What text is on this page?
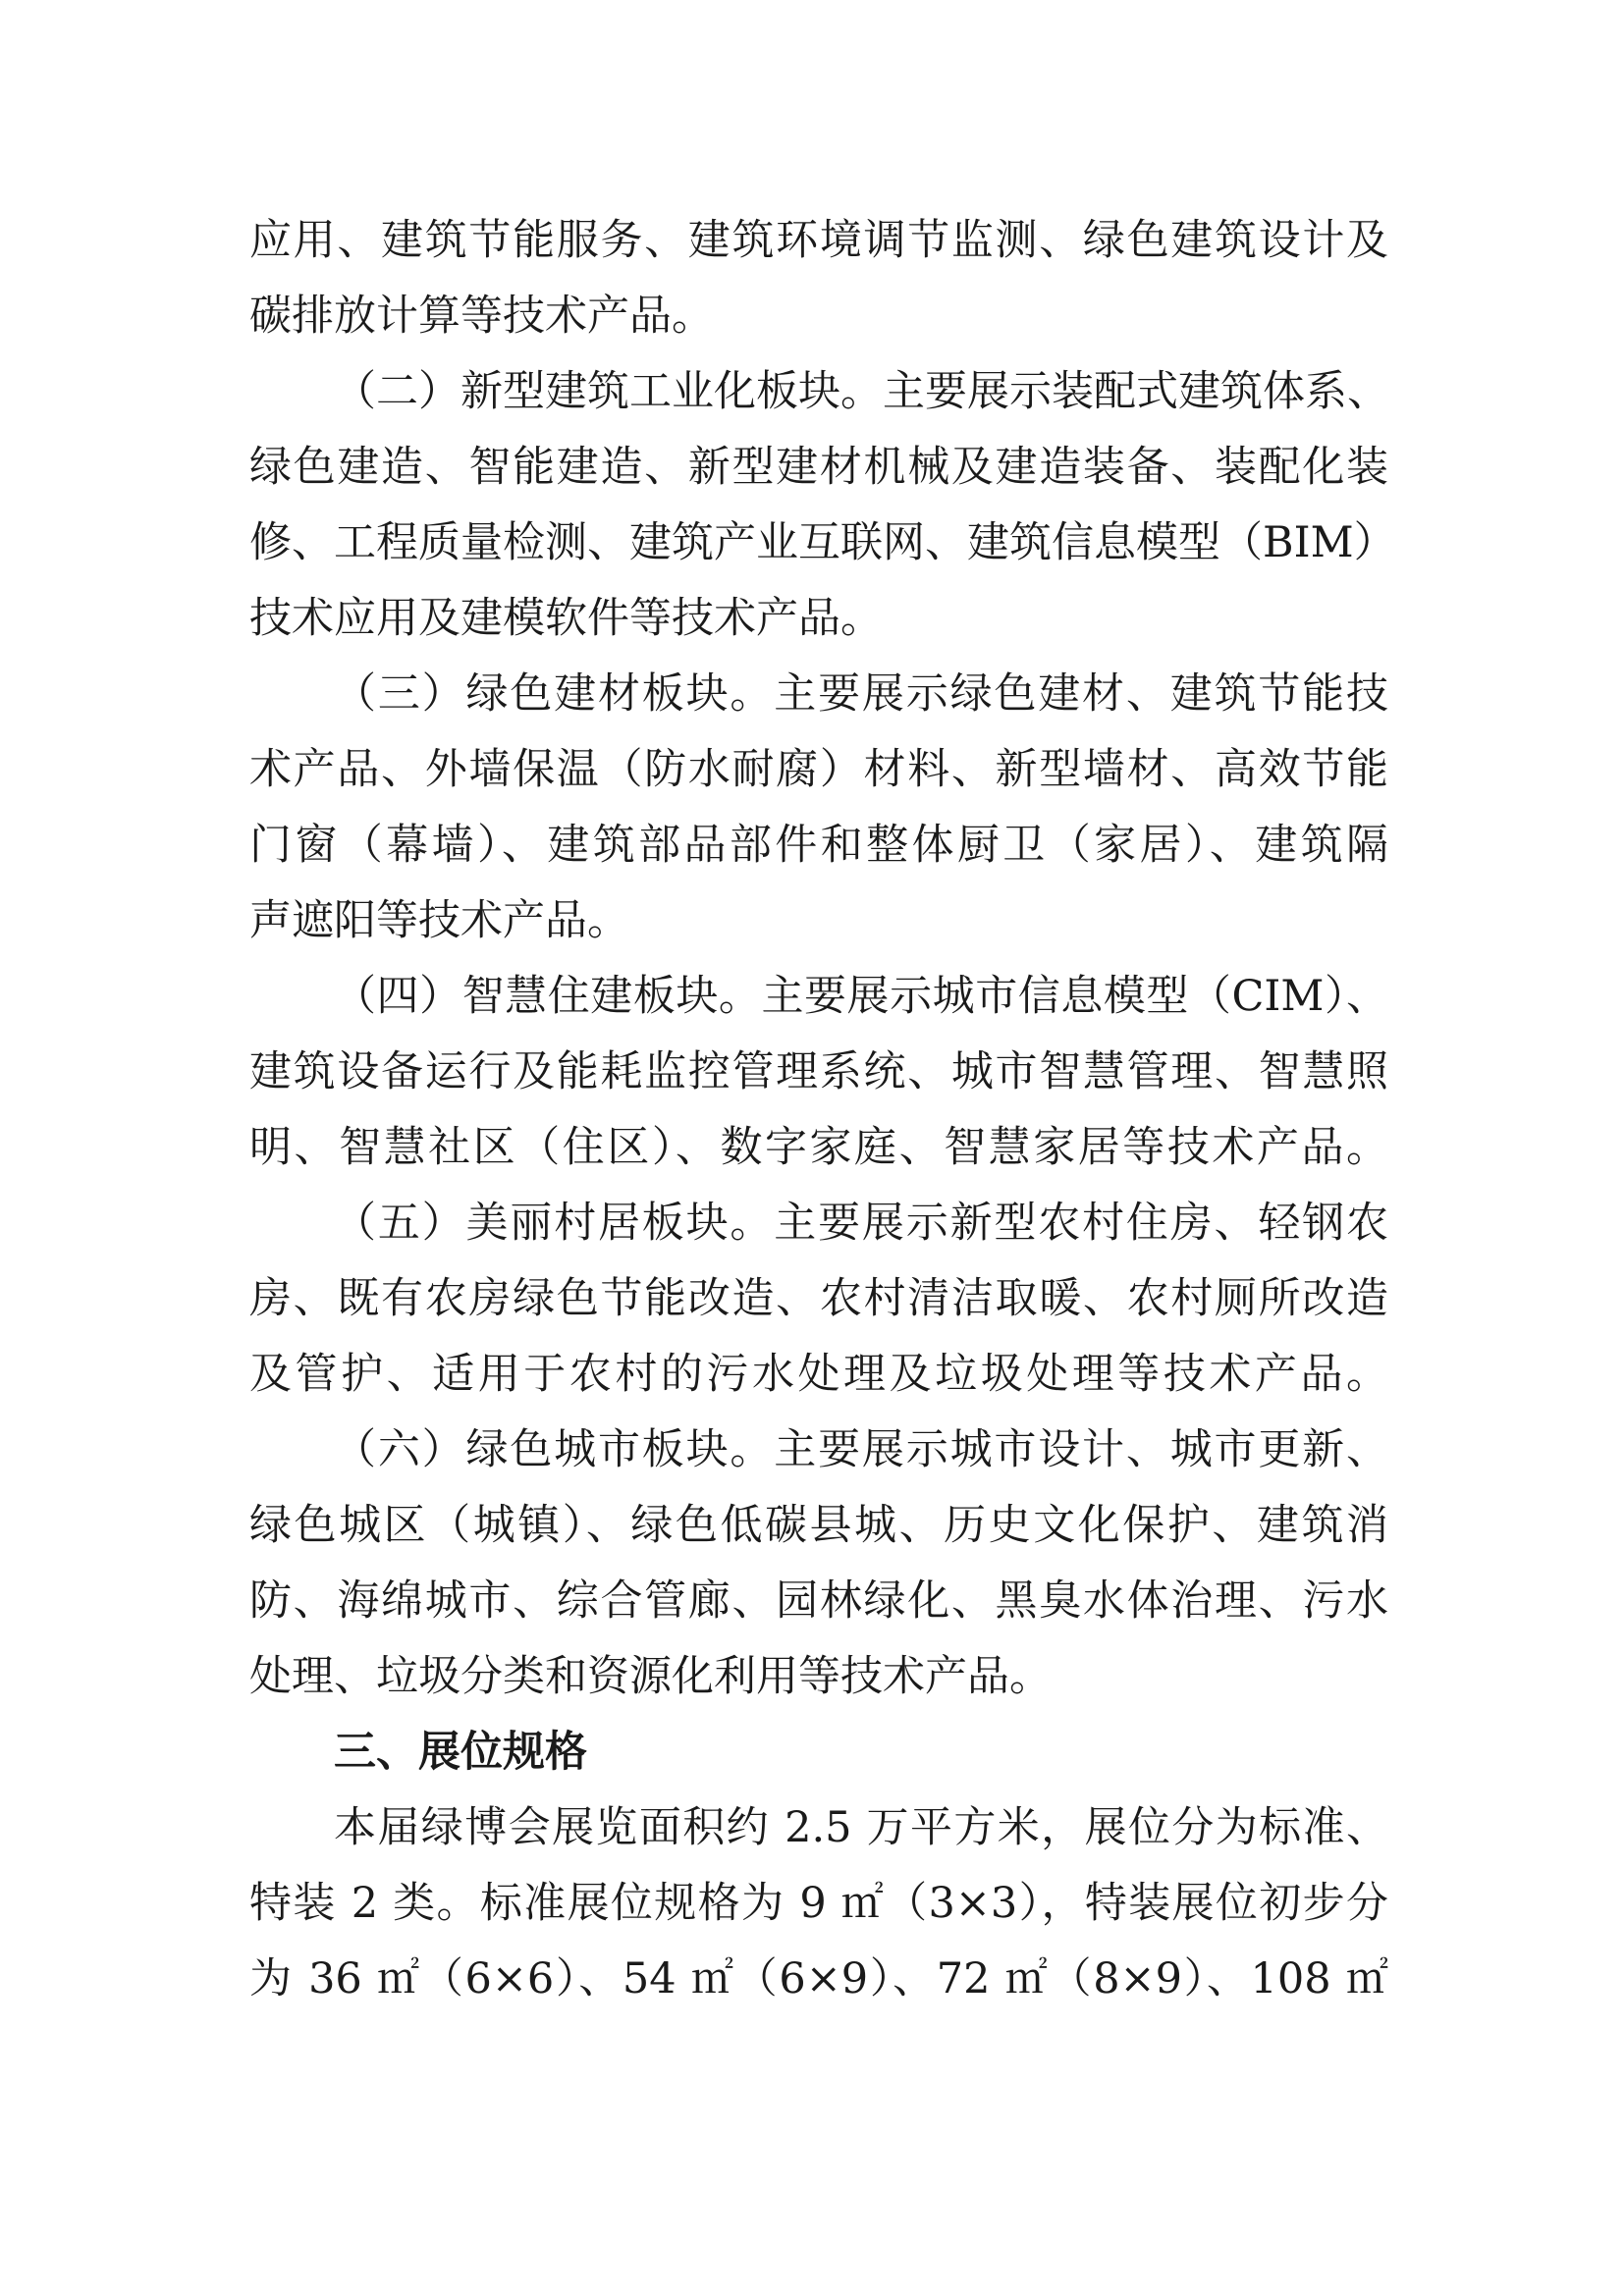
应用、建筑节能服务、建筑环境调节监测、绿色建筑设计及
碳排放计算等技术产品。
（二）新型建筑工业化板块。主要展示装配式建筑体系、
绿色建造、智能建造、新型建材机械及建造装备、装配化装
修、工程质量检测、建筑产业互联网、建筑信息模型（BIM）
技术应用及建模软件等技术产品。
（三）绿色建材板块。主要展示绿色建材、建筑节能技
术产品、外墙保温（防水耐腐）材料、新型墙材、高效节能
门窗（幕墙）、建筑部品部件和整体厨卫（家居）、建筑隔
声遮阳等技术产品。
（四）智慧住建板块。主要展示城市信息模型（CIM）、
建筑设备运行及能耗监控管理系统、城市智慧管理、智慧照
明、智慧社区（住区）、数字家庭、智慧家居等技术产品。
（五）美丽村居板块。主要展示新型农村住房、轻钢农
房、既有农房绿色节能改造、农村清洁取暖、农村厕所改造
及管护、适用于农村的污水处理及垃圾处理等技术产品。
（六）绿色城市板块。主要展示城市设计、城市更新、
绿色城区（城镇）、绿色低碳县城、历史文化保护、建筑消
防、海绵城市、综合管廊、园林绿化、黑臭水体治理、污水
处理、垃圾分类和资源化利用等技术产品。
三、展位规格
本届绿博会展览面积约 2.5 万平方米，展位分为标准、
特装 2 类。标准展位规格为 9 ㎡（3×3），特装展位初步分
为 36 ㎡（6×6）、54 ㎡（6×9）、72 ㎡（8×9）、108 ㎡
